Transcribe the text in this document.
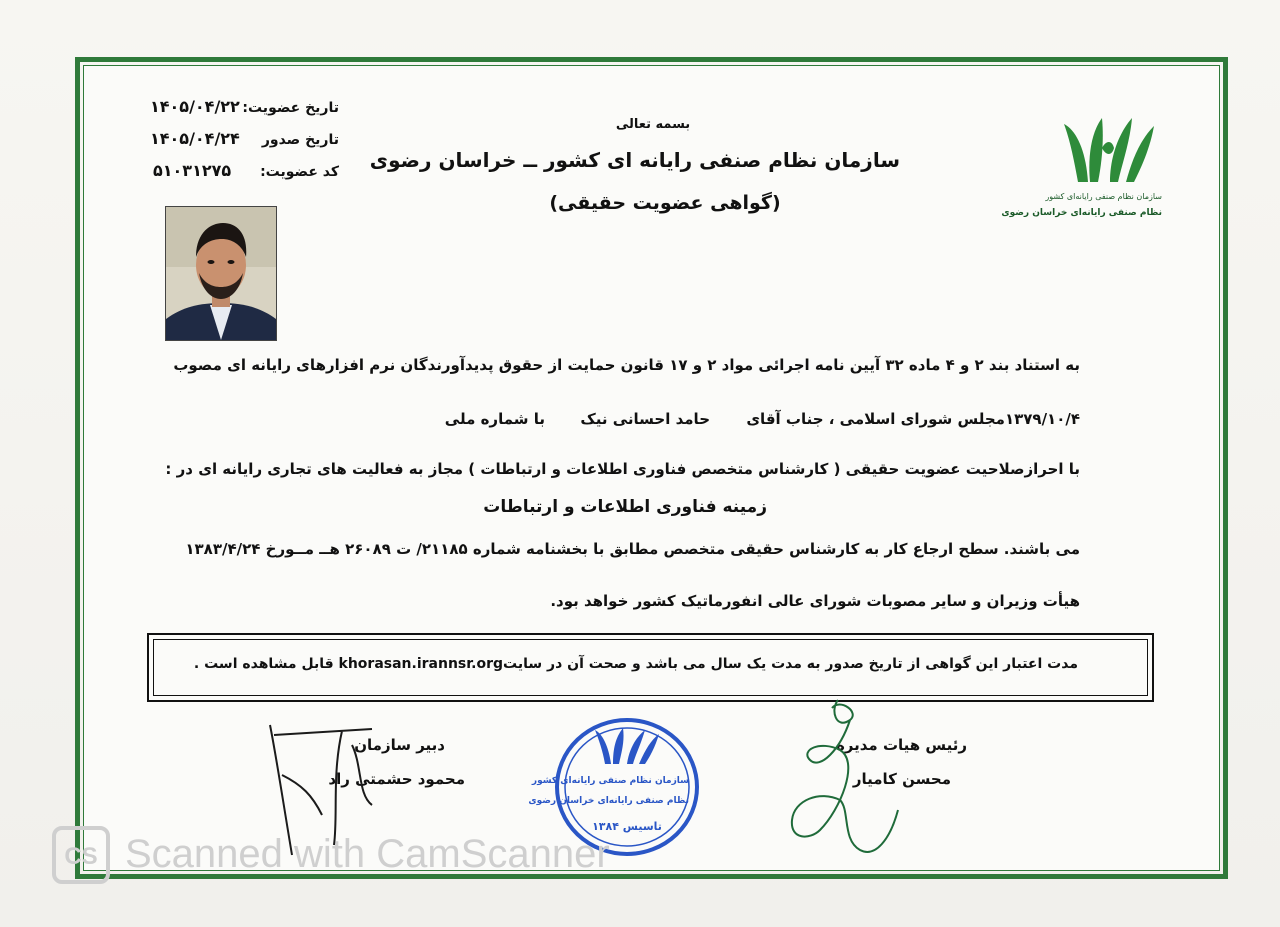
تاریخ عضویت:
۱۴۰۵/۰۴/۲۲
تاریخ صدور
۱۴۰۵/۰۴/۲۴
کد عضویت:
۵۱۰۳۱۲۷۵
بسمه تعالی
سازمان نظام صنفی رایانه ای کشور ــ خراسان رضوی
(گواهی عضویت حقیقی)	سازمان نظام صنفی رایانه‌ای کشور
نظام صنفی رایانه‌ای خراسان رضوی
به استناد بند ۲ و ۴ ماده ۳۲ آیین نامه اجرائی مواد ۲ و ۱۷ قانون حمایت از حقوق پدیدآورندگان نرم افزارهای رایانه ای مصوب
۱۳۷۹/۱۰/۴مجلس شورای اسلامی ، جناب آقای
حامد احسانی نیک
با شماره ملی
با احرازصلاحیت عضویت حقیقی ( کارشناس متخصص فناوری اطلاعات و ارتباطات ) مجاز به فعالیت های تجاری رایانه ای در :
زمینه فناوری اطلاعات و ارتباطات
می باشند. سطح ارجاع کار به کارشناس حقیقی متخصص مطابق با بخشنامه شماره ۲۱۱۸۵/ ت ۲۶۰۸۹ هــ مــورخ ۱۳۸۳/۴/۲۴
هیأت وزیران و سایر مصوبات شورای عالی انفورماتیک کشور خواهد بود.
مدت اعتبار این گواهی از تاریخ صدور به مدت یک سال می باشد و صحت آن در سایتkhorasan.irannsr.org قابل مشاهده است .
رئیس هیات مدیره
محسن کامیار
دبیر سازمان
محمود حشمتی راد	سازمان نظام صنفی رایانه‌ای کشور
نظام صنفی رایانه‌ای خراسان رضوی
تاسیس ۱۳۸۴
CS Scanned with CamScanner
